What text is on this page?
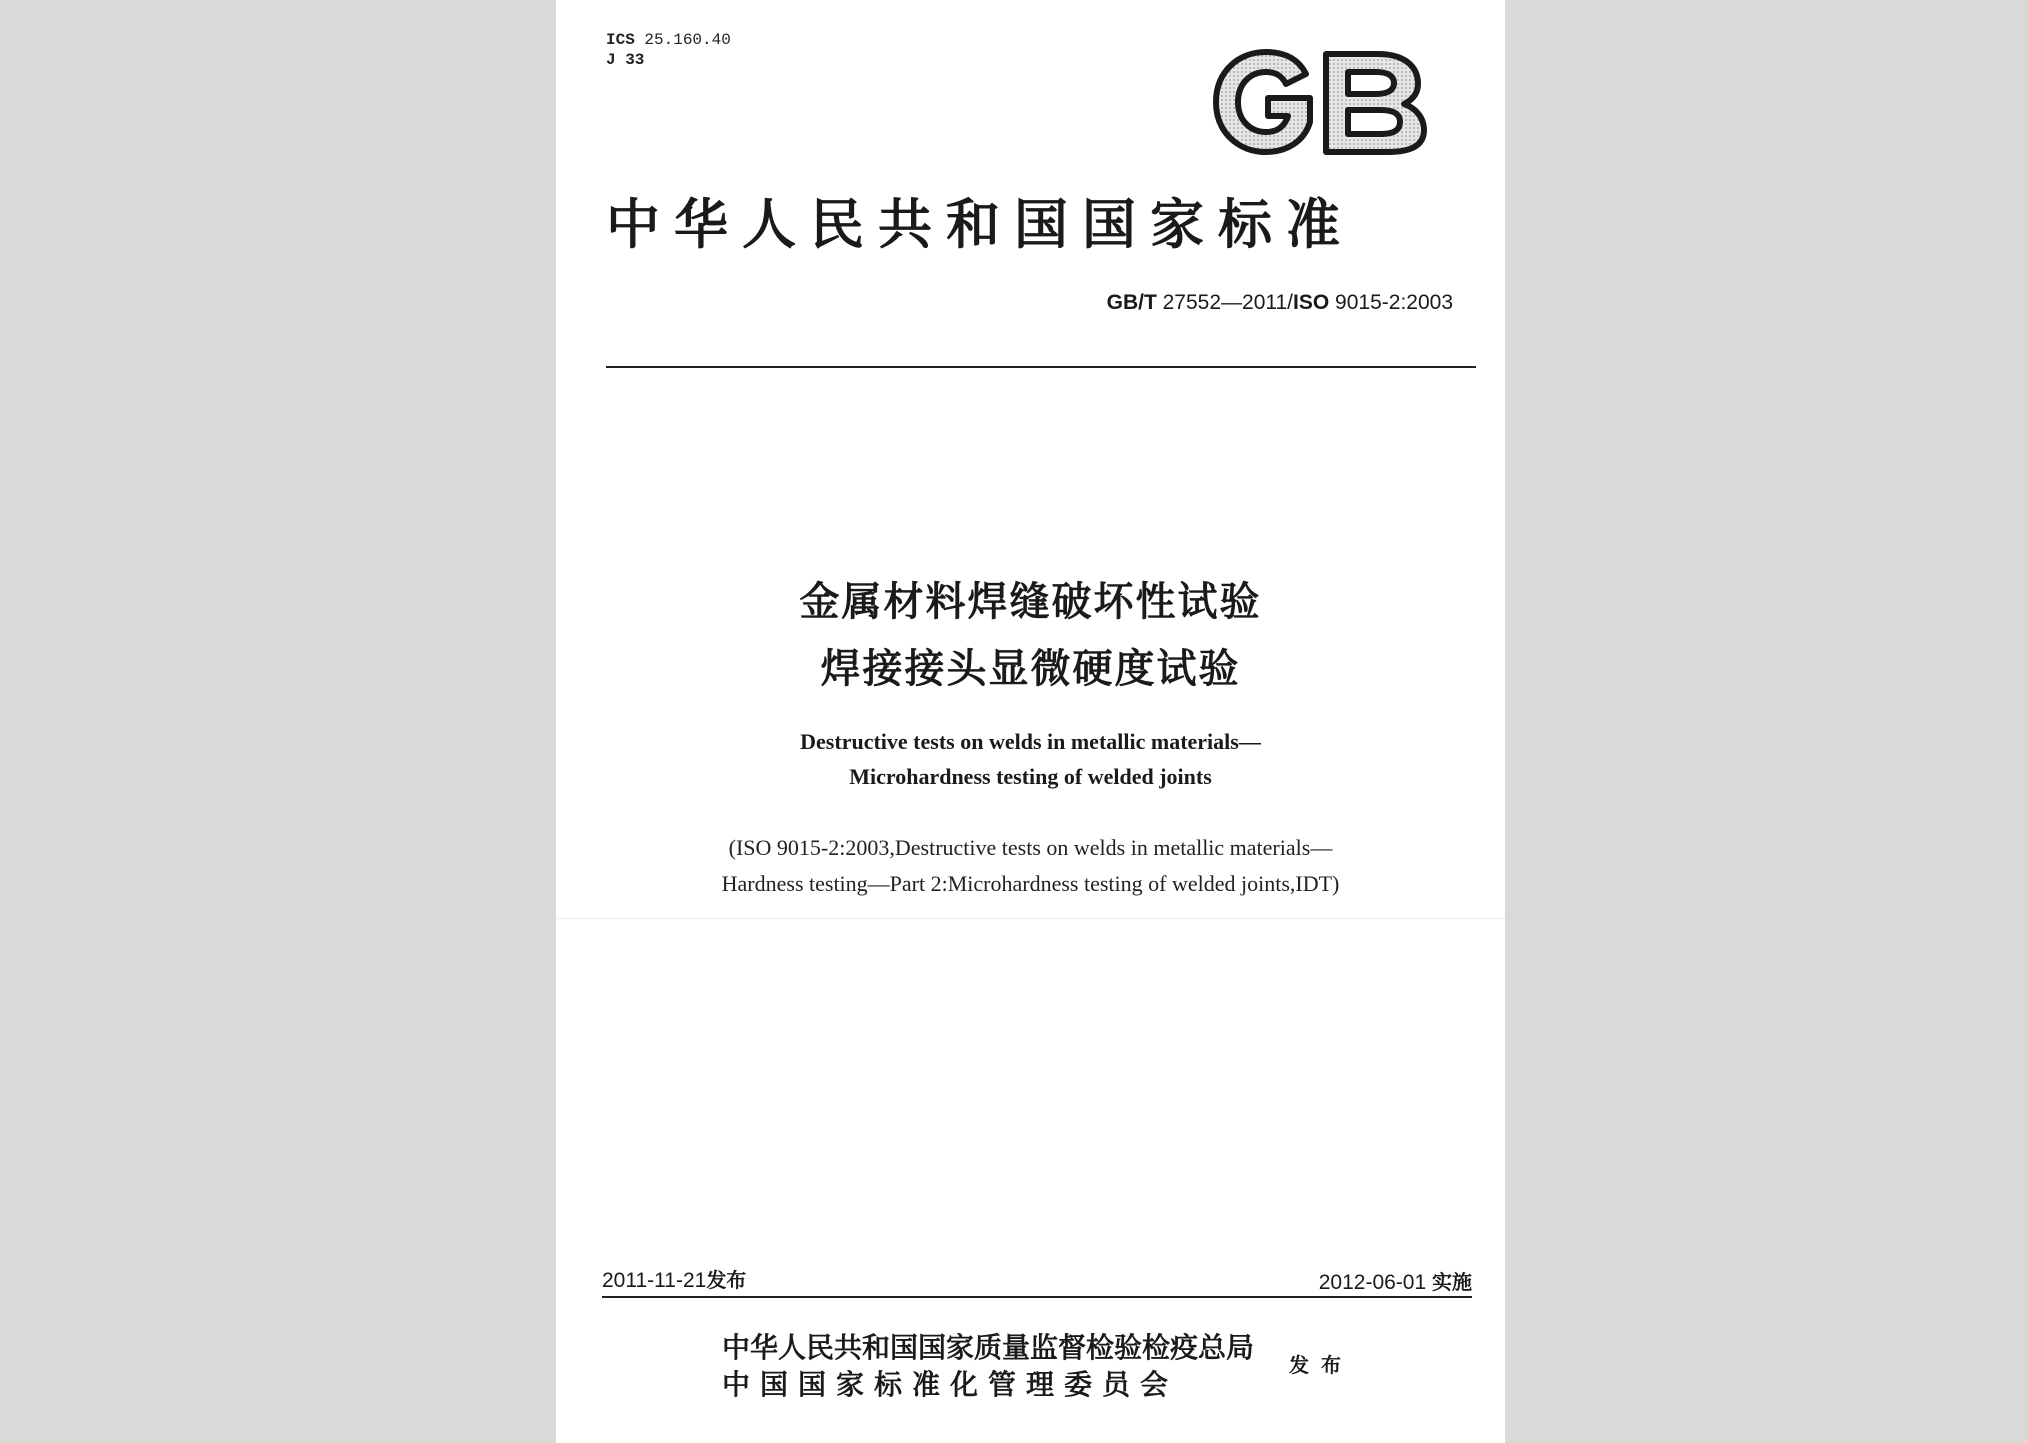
ICS 25.160.40
J 33
中华人民共和国国家标准
GB/T 27552—2011/ISO 9015-2:2003
金属材料焊缝破坏性试验
焊接接头显微硬度试验
Destructive tests on welds in metallic materials—
Microhardness testing of welded joints
(ISO 9015-2:2003,Destructive tests on welds in metallic materials—
Hardness testing—Part 2:Microhardness testing of welded joints,IDT)
2011-11-21发布	2012-06-01 实施
中华人民共和国国家质量监督检验检疫总局
中国国家标准化管理委员会
发布
